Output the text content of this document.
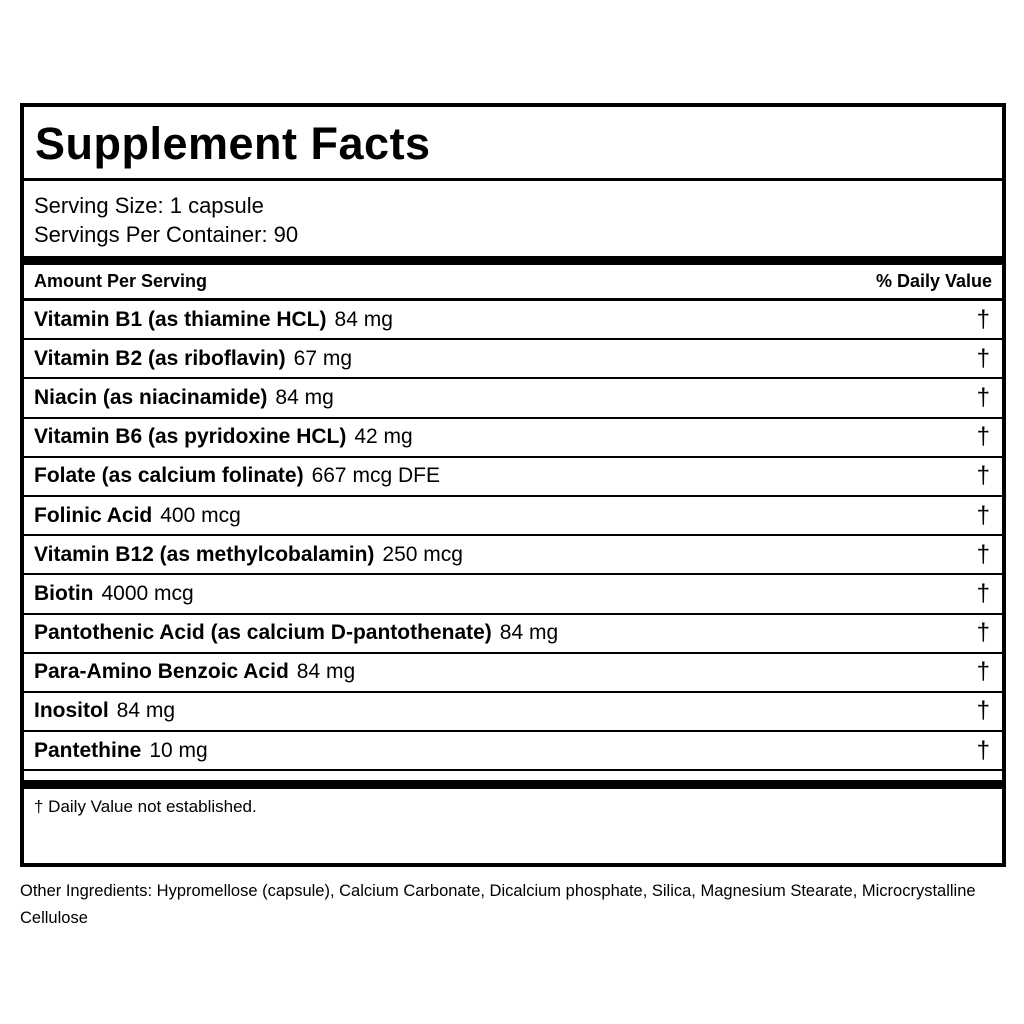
Supplement Facts
Serving Size: 1 capsule
Servings Per Container: 90
Amount Per Serving	% Daily Value
Vitamin B1 (as thiamine HCL) 84 mg	†
Vitamin B2 (as riboflavin) 67 mg	†
Niacin (as niacinamide) 84 mg	†
Vitamin B6 (as pyridoxine HCL) 42 mg	†
Folate (as calcium folinate) 667 mcg DFE	†
Folinic Acid 400 mcg	†
Vitamin B12 (as methylcobalamin) 250 mcg	†
Biotin 4000 mcg	†
Pantothenic Acid (as calcium D-pantothenate) 84 mg	†
Para-Amino Benzoic Acid 84 mg	†
Inositol 84 mg	†
Pantethine 10 mg	†
† Daily Value not established.
Other Ingredients: Hypromellose (capsule), Calcium Carbonate, Dicalcium phosphate, Silica, Magnesium Stearate, Microcrystalline Cellulose
